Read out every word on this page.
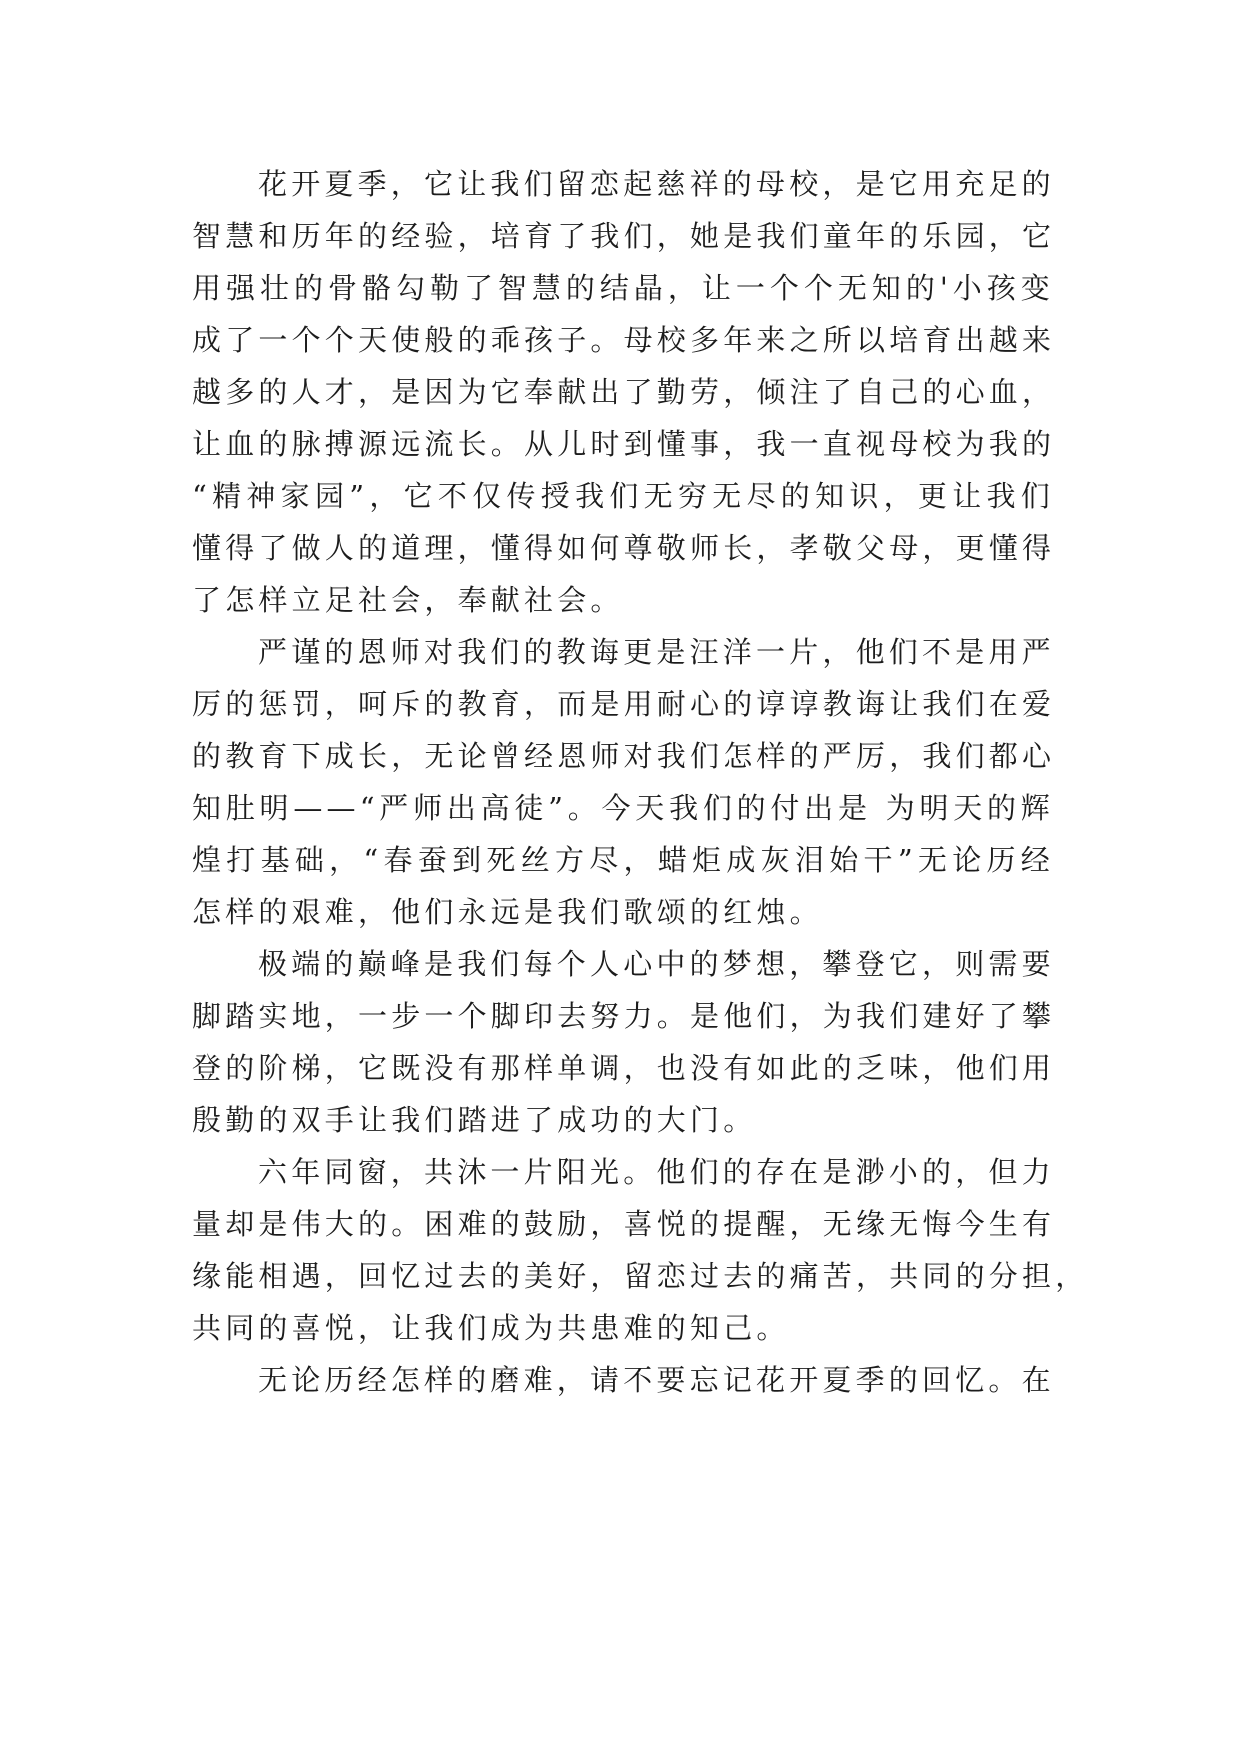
花开夏季，它让我们留恋起慈祥的母校，是它用充足的
智慧和历年的经验，培育了我们，她是我们童年的乐园，它
用强壮的骨骼勾勒了智慧的结晶，让一个个无知的'小孩变
成了一个个天使般的乖孩子。母校多年来之所以培育出越来
越多的人才，是因为它奉献出了勤劳，倾注了自己的心血，
让血的脉搏源远流长。从儿时到懂事，我一直视母校为我的
“精神家园”，它不仅传授我们无穷无尽的知识，更让我们
懂得了做人的道理，懂得如何尊敬师长，孝敬父母，更懂得
了怎样立足社会，奉献社会。
严谨的恩师对我们的教诲更是汪洋一片，他们不是用严
厉的惩罚，呵斥的教育，而是用耐心的谆谆教诲让我们在爱
的教育下成长，无论曾经恩师对我们怎样的严厉，我们都心
知肚明——“严师出高徒”。今天我们的付出是 为明天的辉
煌打基础，“春蚕到死丝方尽，蜡炬成灰泪始干”无论历经
怎样的艰难，他们永远是我们歌颂的红烛。
极端的巅峰是我们每个人心中的梦想，攀登它，则需要
脚踏实地，一步一个脚印去努力。是他们，为我们建好了攀
登的阶梯，它既没有那样单调，也没有如此的乏味，他们用
殷勤的双手让我们踏进了成功的大门。
六年同窗，共沐一片阳光。他们的存在是渺小的，但力
量却是伟大的。困难的鼓励，喜悦的提醒，无缘无悔今生有
缘能相遇，回忆过去的美好，留恋过去的痛苦，共同的分担，
共同的喜悦，让我们成为共患难的知己。
无论历经怎样的磨难，请不要忘记花开夏季的回忆。在
